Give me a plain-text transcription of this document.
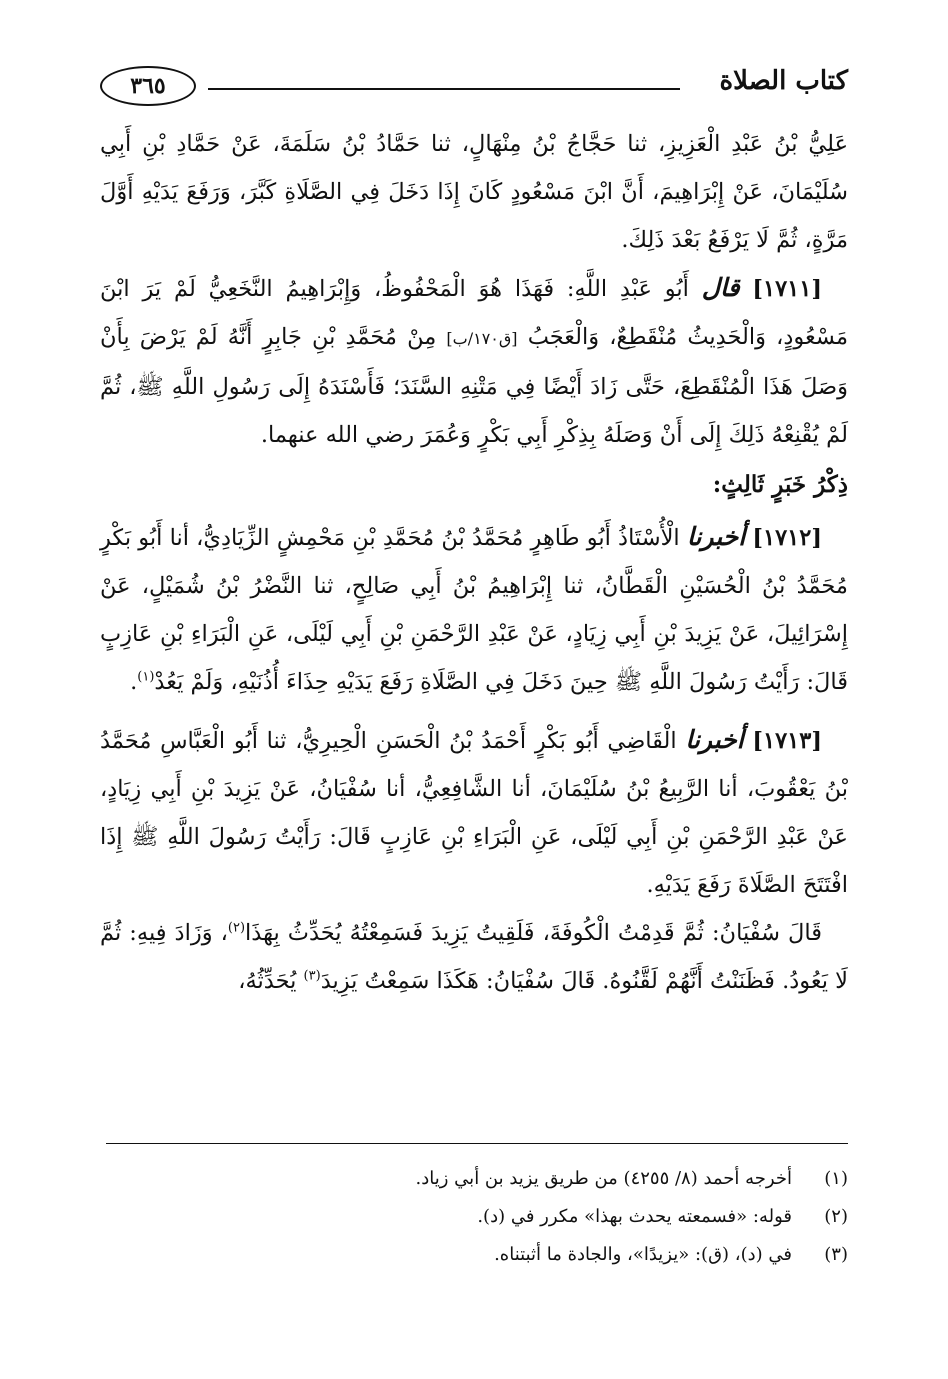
كتاب الصلاة
٣٦٥

عَلِيُّ بْنُ عَبْدِ الْعَزِيزِ، ثنا حَجَّاجُ بْنُ مِنْهَالٍ، ثنا حَمَّادُ بْنُ سَلَمَةَ، عَنْ حَمَّادِ بْنِ أَبِي سُلَيْمَانَ، عَنْ إِبْرَاهِيمَ، أَنَّ ابْنَ مَسْعُودٍ كَانَ إِذَا دَخَلَ فِي الصَّلَاةِ كَبَّرَ، وَرَفَعَ يَدَيْهِ أَوَّلَ مَرَّةٍ، ثُمَّ لَا يَرْفَعُ بَعْدَ ذَلِكَ.

[١٧١١] قال أَبُو عَبْدِ اللَّهِ: فَهَذَا هُوَ الْمَحْفُوظُ، وَإِبْرَاهِيمُ النَّخَعِيُّ لَمْ يَرَ ابْنَ مَسْعُودٍ، وَالْحَدِيثُ مُنْقَطِعٌ، وَالْعَجَبُ [ق١٧٠/ب] مِنْ مُحَمَّدِ بْنِ جَابِرٍ أَنَّهُ لَمْ يَرْضَ بِأَنْ وَصَلَ هَذَا الْمُنْقَطِعَ، حَتَّى زَادَ أَيْضًا فِي مَتْنِهِ السَّنَدَ؛ فَأَسْنَدَهُ إِلَى رَسُولِ اللَّهِ ﷺ، ثُمَّ لَمْ يُقْنِعْهُ ذَلِكَ إِلَى أَنْ وَصَلَهُ بِذِكْرِ أَبِي بَكْرٍ وَعُمَرَ رضي الله عنهما.

ذِكْرُ خَبَرٍ ثَالِثٍ:

[١٧١٢] أخبرنا الْأُسْتَاذُ أَبُو طَاهِرٍ مُحَمَّدُ بْنُ مُحَمَّدِ بْنِ مَحْمِشٍ الزِّيَادِيُّ، أنا أَبُو بَكْرٍ مُحَمَّدُ بْنُ الْحُسَيْنِ الْقَطَّانُ، ثنا إِبْرَاهِيمُ بْنُ أَبِي صَالِحٍ، ثنا النَّضْرُ بْنُ شُمَيْلٍ، عَنْ إِسْرَائِيلَ، عَنْ يَزِيدَ بْنِ أَبِي زِيَادٍ، عَنْ عَبْدِ الرَّحْمَنِ بْنِ أَبِي لَيْلَى، عَنِ الْبَرَاءِ بْنِ عَازِبٍ قَالَ: رَأَيْتُ رَسُولَ اللَّهِ ﷺ حِينَ دَخَلَ فِي الصَّلَاةِ رَفَعَ يَدَيْهِ حِذَاءَ أُذُنَيْهِ، وَلَمْ يَعُدْ$^{(١)}$.

[١٧١٣] أخبرنا الْقَاضِي أَبُو بَكْرٍ أَحْمَدُ بْنُ الْحَسَنِ الْحِيرِيُّ، ثنا أَبُو الْعَبَّاسِ مُحَمَّدُ بْنُ يَعْقُوبَ، أنا الرَّبِيعُ بْنُ سُلَيْمَانَ، أنا الشَّافِعِيُّ، أنا سُفْيَانُ، عَنْ يَزِيدَ بْنِ أَبِي زِيَادٍ، عَنْ عَبْدِ الرَّحْمَنِ بْنِ أَبِي لَيْلَى، عَنِ الْبَرَاءِ بْنِ عَازِبٍ قَالَ: رَأَيْتُ رَسُولَ اللَّهِ ﷺ إِذَا افْتَتَحَ الصَّلَاةَ رَفَعَ يَدَيْهِ.

قَالَ سُفْيَانُ: ثُمَّ قَدِمْتُ الْكُوفَةَ، فَلَقِيتُ يَزِيدَ فَسَمِعْتُهُ يُحَدِّثُ بِهَذَا$^{(٢)}$، وَزَادَ فِيهِ: ثُمَّ لَا يَعُودُ. فَظَنَنْتُ أَنَّهُمْ لَقَّنُوهُ. قَالَ سُفْيَانُ: هَكَذَا سَمِعْتُ يَزِيدَ$^{(٣)}$ يُحَدِّثُهُ،

(١)أخرجه أحمد (٨/ ٤٢٥٥) من طريق يزيد بن أبي زياد.

(٢)قوله: «فسمعته يحدث بهذا» مكرر في (د).

(٣)في (د)، (ق): «يزيدًا»، والجادة ما أثبتناه.
